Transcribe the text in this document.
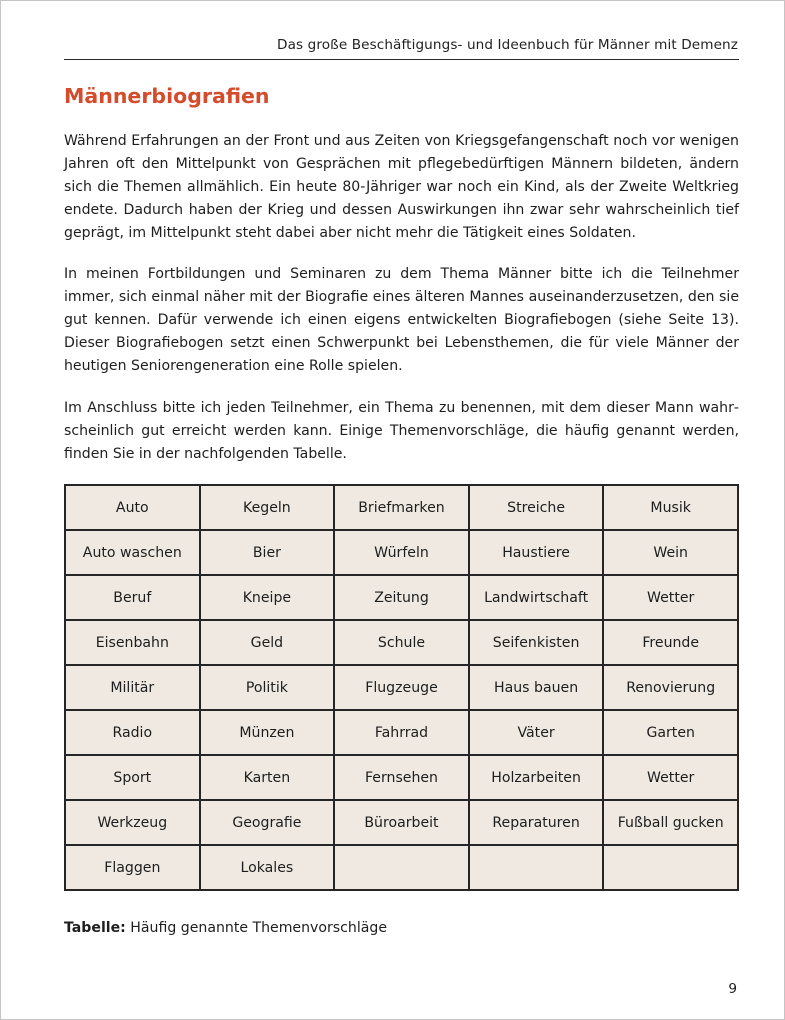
Das große Beschäftigungs- und Ideenbuch für Männer mit Demenz
Männerbiografien

Während Erfahrungen an der Front und aus Zeiten von Kriegsgefangenschaft noch vor wenigen Jahren oft den Mittelpunkt von Gesprächen mit pflegebedürftigen Männern bildeten, ändern sich die Themen allmählich. Ein heute 80-Jähriger war noch ein Kind, als der Zweite Weltkrieg endete. Dadurch haben der Krieg und dessen Auswirkungen ihn zwar sehr wahrscheinlich tief geprägt, im Mittelpunkt steht dabei aber nicht mehr die Tätigkeit eines Soldaten.

In meinen Fortbildungen und Seminaren zu dem Thema Männer bitte ich die Teilnehmer immer, sich einmal näher mit der Biografie eines älteren Mannes auseinanderzusetzen, den sie gut kennen. Dafür verwende ich einen eigens entwickelten Biografiebogen (siehe Seite 13). Dieser Biografiebogen setzt einen Schwerpunkt bei Lebensthemen, die für viele Männer der heutigen Seniorengeneration eine Rolle spielen.

Im Anschluss bitte ich jeden Teilnehmer, ein Thema zu benennen, mit dem dieser Mann wahrscheinlich gut erreicht werden kann. Einige Themenvorschläge, die häufig genannt werden, finden Sie in der nachfolgenden Tabelle.

Auto	Kegeln	Briefmarken	Streiche	Musik
Auto waschen	Bier	Würfeln	Haustiere	Wein
Beruf	Kneipe	Zeitung	Landwirtschaft	Wetter
Eisenbahn	Geld	Schule	Seifenkisten	Freunde
Militär	Politik	Flugzeuge	Haus bauen	Renovierung
Radio	Münzen	Fahrrad	Väter	Garten
Sport	Karten	Fernsehen	Holzarbeiten	Wetter
Werkzeug	Geografie	Büroarbeit	Reparaturen	Fußball gucken
Flaggen	Lokales			

Tabelle: Häufig genannte Themenvorschläge

9
